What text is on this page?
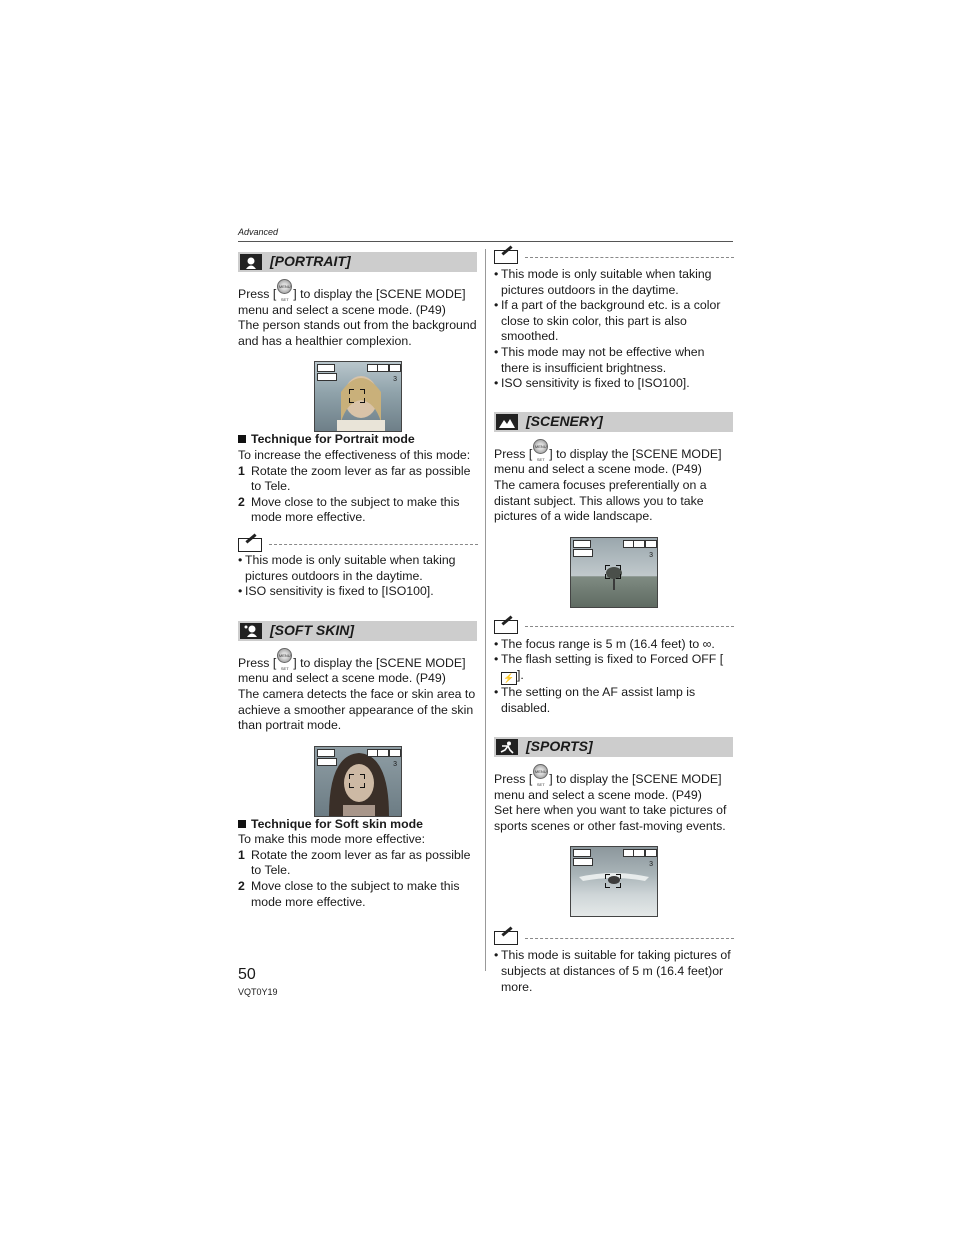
Advanced
[PORTRAIT]

Press [MENU SET ] to display the [SCENE MODE] menu and select a scene mode. (P49)

The person stands out from the background and has a healthier complexion.

3

Technique for Portrait mode

To increase the effectiveness of this mode:

1 Rotate the zoom lever as far as possible to Tele.
2 Move close to the subject to make this mode more effective.
• This mode is only suitable when taking pictures outdoors in the daytime.
• ISO sensitivity is fixed to [ISO100].
[SOFT SKIN]

Press [MENU SET ] to display the [SCENE MODE] menu and select a scene mode. (P49)

The camera detects the face or skin area to achieve a smoother appearance of the skin than portrait mode.

3

Technique for Soft skin mode

To make this mode more effective:

1 Rotate the zoom lever as far as possible to Tele.
2 Move close to the subject to make this mode more effective.
• This mode is only suitable when taking pictures outdoors in the daytime.
• If a part of the background etc. is a color close to skin color, this part is also smoothed.
• This mode may not be effective when there is insufficient brightness.
• ISO sensitivity is fixed to [ISO100].
[SCENERY]

Press [MENU SET ] to display the [SCENE MODE] menu and select a scene mode. (P49)

The camera focuses preferentially on a distant subject. This allows you to take pictures of a wide landscape.

3
• The focus range is 5 m (16.4 feet) to ∞.
• The flash setting is fixed to Forced OFF [⚡ ].
• The setting on the AF assist lamp is disabled.
[SPORTS]

Press [MENU SET ] to display the [SCENE MODE] menu and select a scene mode. (P49)

Set here when you want to take pictures of sports scenes or other fast-moving events.

3
• This mode is suitable for taking pictures of subjects at distances of 5 m (16.4 feet)or more.
50
VQT0Y19
